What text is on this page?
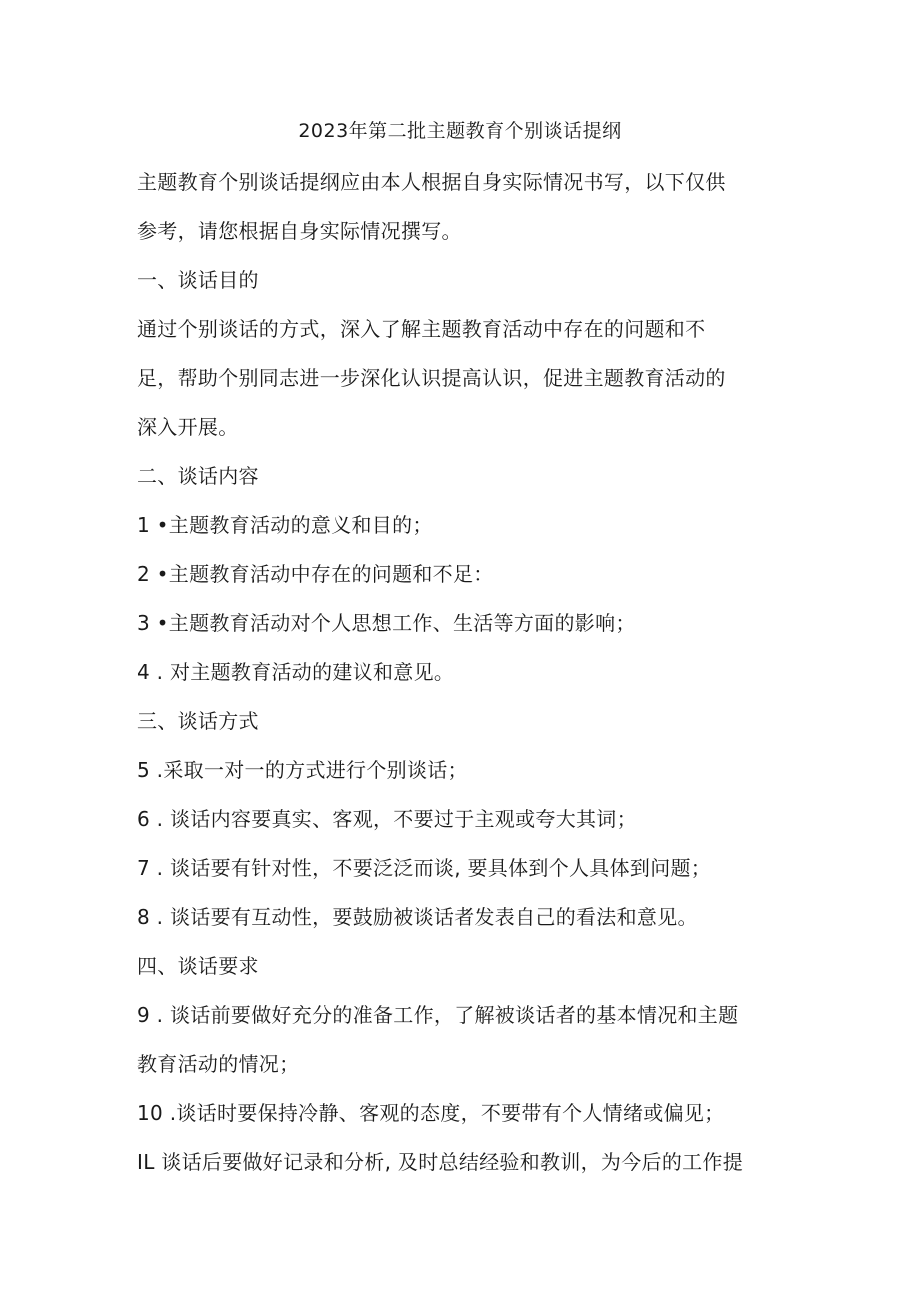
2023年第二批主题教育个别谈话提纲
主题教育个别谈话提纲应由本人根据自身实际情况书写，以下仅供
参考，请您根据自身实际情况撰写。
一、谈话目的
通过个别谈话的方式，深入了解主题教育活动中存在的问题和不
足，帮助个别同志进一步深化认识提高认识，促进主题教育活动的
深入开展。
二、谈话内容
1 •主题教育活动的意义和目的；
2 •主题教育活动中存在的问题和不足：
3 •主题教育活动对个人思想工作、生活等方面的影响；
4 . 对主题教育活动的建议和意见。
三、谈话方式
5 .采取一对一的方式进行个别谈话；
6 . 谈话内容要真实、客观，不要过于主观或夸大其词；
7 . 谈话要有针对性，不要泛泛而谈, 要具体到个人具体到问题；
8 . 谈话要有互动性，要鼓励被谈话者发表自己的看法和意见。
四、谈话要求
9 . 谈话前要做好充分的准备工作，了解被谈话者的基本情况和主题
教育活动的情况；
10 .谈话时要保持冷静、客观的态度，不要带有个人情绪或偏见；
IL 谈话后要做好记录和分析, 及时总结经验和教训，为今后的工作提
